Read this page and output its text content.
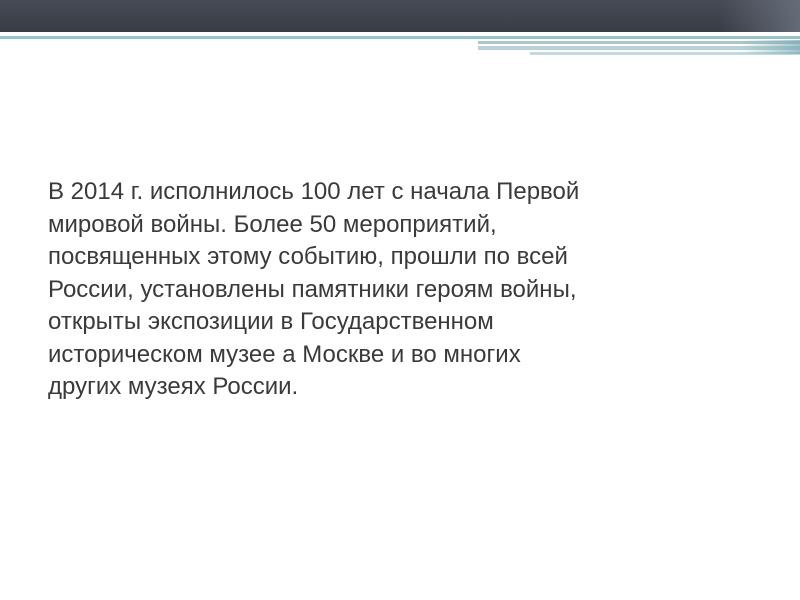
В 2014 г. исполнилось 100 лет с начала Первой
мировой войны. Более 50 мероприятий,
посвященных этому событию, прошли по всей
России, установлены памятники героям войны,
открыты экспозиции в Государственном
историческом музее а Москве и во многих
других музеях России.
